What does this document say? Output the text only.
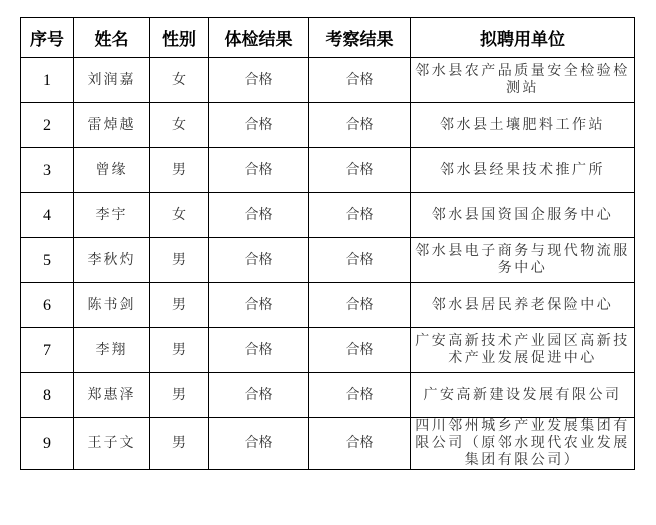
序号	姓名	性别	体检结果	考察结果	拟聘用单位
1	刘润嘉	女	合格	合格	邻水县农产品质量安全检验检测站
2	雷焯越	女	合格	合格	邻水县土壤肥料工作站
3	曾缘	男	合格	合格	邻水县经果技术推广所
4	李宇	女	合格	合格	邻水县国资国企服务中心
5	李秋灼	男	合格	合格	邻水县电子商务与现代物流服务中心
6	陈书剑	男	合格	合格	邻水县居民养老保险中心
7	李翔	男	合格	合格	广安高新技术产业园区高新技术产业发展促进中心
8	郑惠泽	男	合格	合格	广安高新建设发展有限公司
9	王子文	男	合格	合格	四川邻州城乡产业发展集团有限公司（原邻水现代农业发展集团有限公司）
